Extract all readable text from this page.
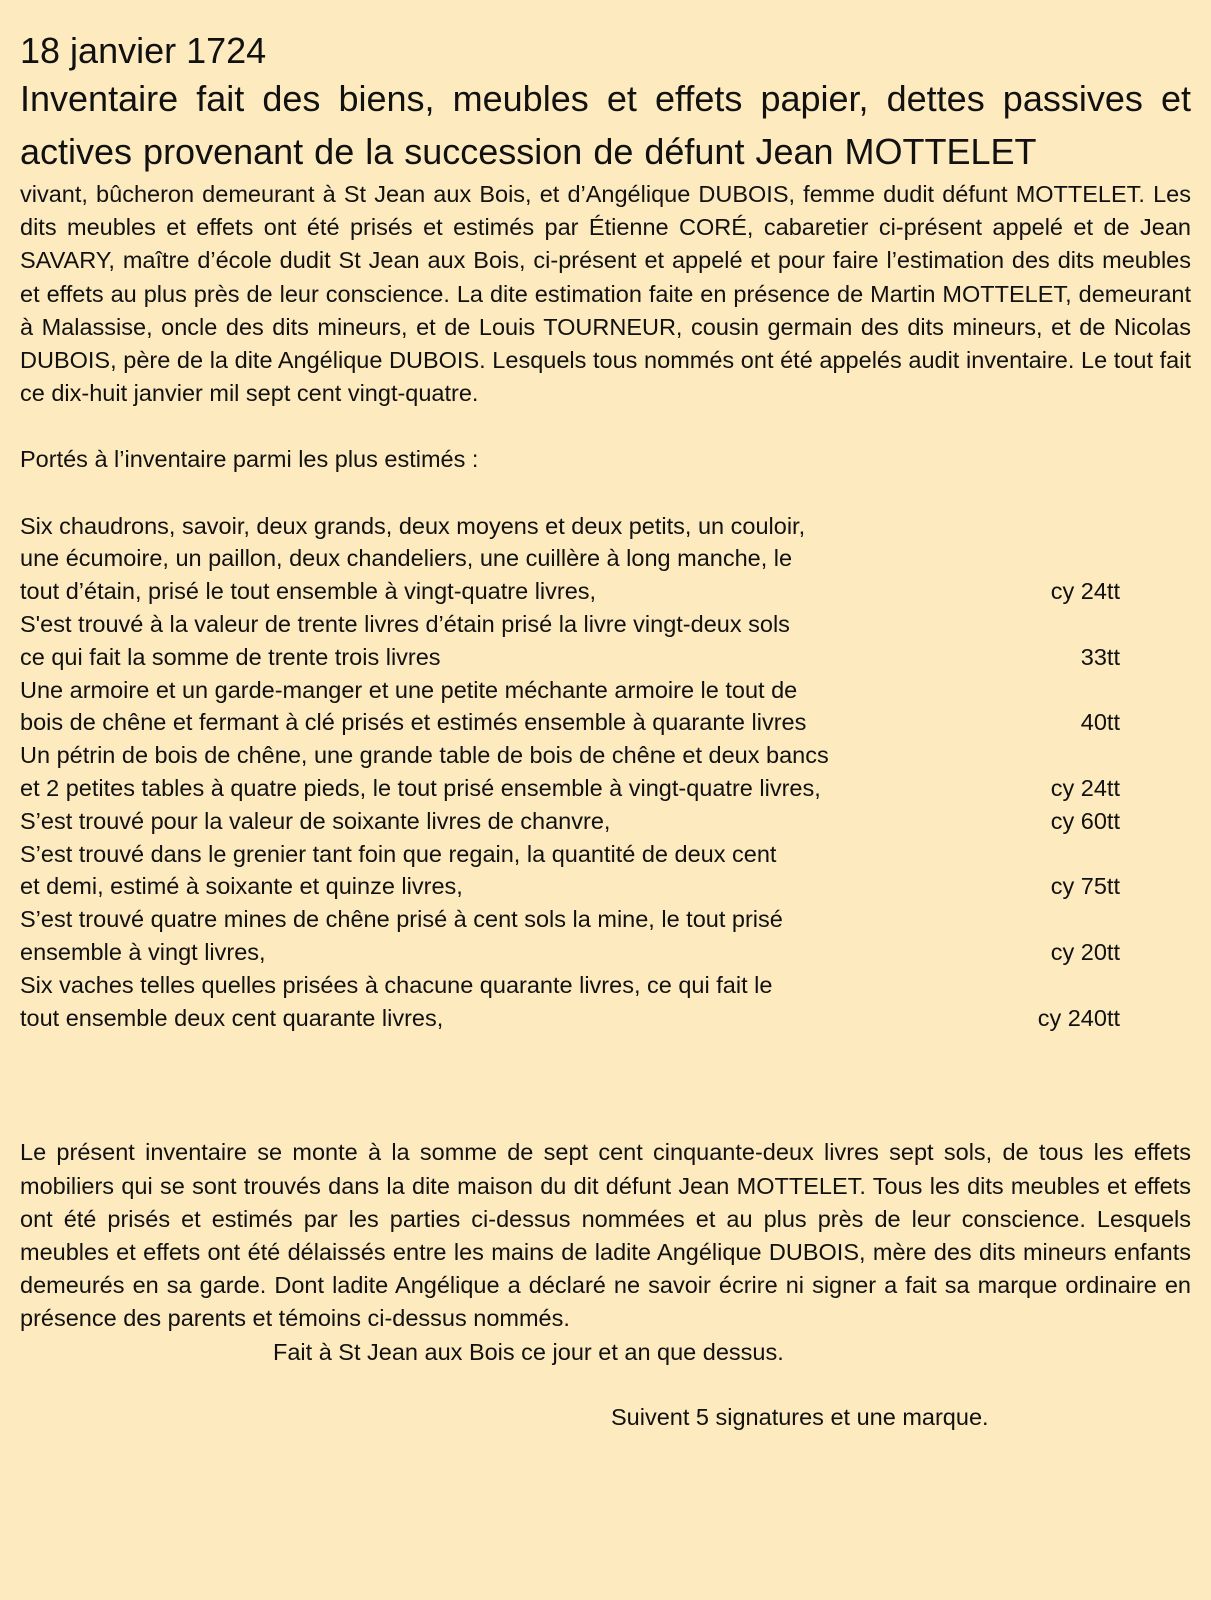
18 janvier 1724
Inventaire fait des biens, meubles et effets papier, dettes passives et actives provenant de la succession de défunt Jean MOTTELET

vivant, bûcheron demeurant à St Jean aux Bois, et d’Angélique DUBOIS, femme dudit défunt MOTTELET. Les dits meubles et effets ont été prisés et estimés par Étienne CORÉ, cabaretier ci-présent appelé et de Jean SAVARY, maître d’école dudit St Jean aux Bois, ci-présent et appelé et pour faire l’estimation des dits meubles et effets au plus près de leur conscience. La dite estimation faite en présence de Martin MOTTELET, demeurant à Malassise, oncle des dits mineurs, et de Louis TOURNEUR, cousin germain des dits mineurs, et de Nicolas DUBOIS, père de la dite Angélique DUBOIS. Lesquels tous nommés ont été appelés audit inventaire. Le tout fait ce dix-huit janvier mil sept cent vingt-quatre.

Portés à l’inventaire parmi les plus estimés :
Six chaudrons, savoir, deux grands, deux moyens et deux petits, un couloir,
une écumoire, un paillon, deux chandeliers, une cuillère à long manche, le
tout d’étain, prisé le tout ensemble à vingt-quatre livres,	cy 24tt
S'est trouvé à la valeur de trente livres d’étain prisé la livre vingt-deux sols
ce qui fait la somme de trente trois livres	33tt
Une armoire et un garde-manger et une petite méchante armoire le tout de
bois de chêne et fermant à clé prisés et estimés ensemble à quarante livres	40tt
Un pétrin de bois de chêne, une grande table de bois de chêne et deux bancs
et 2 petites tables à quatre pieds, le tout prisé ensemble à vingt-quatre livres,	cy 24tt
S’est trouvé pour la valeur de soixante livres de chanvre,	cy 60tt
S’est trouvé dans le grenier tant foin que regain, la quantité de deux cent
et demi, estimé à soixante et quinze livres,	cy 75tt
S’est trouvé quatre mines de chêne prisé à cent sols la mine, le tout prisé
ensemble à vingt livres,	cy 20tt
Six vaches telles quelles prisées à chacune quarante livres, ce qui fait le
tout ensemble deux cent quarante livres,	cy 240tt

Le présent inventaire se monte à la somme de sept cent cinquante-deux livres sept sols, de tous les effets mobiliers qui se sont trouvés dans la dite maison du dit défunt Jean MOTTELET. Tous les dits meubles et effets ont été prisés et estimés par les parties ci-dessus nommées et au plus près de leur conscience. Lesquels meubles et effets ont été délaissés entre les mains de ladite Angélique DUBOIS, mère des dits mineurs enfants demeurés en sa garde. Dont ladite Angélique a déclaré ne savoir écrire ni signer a fait sa marque ordinaire en présence des parents et témoins ci-dessus nommés.

Fait à St Jean aux Bois ce jour et an que dessus.
Suivent 5 signatures et une marque.
